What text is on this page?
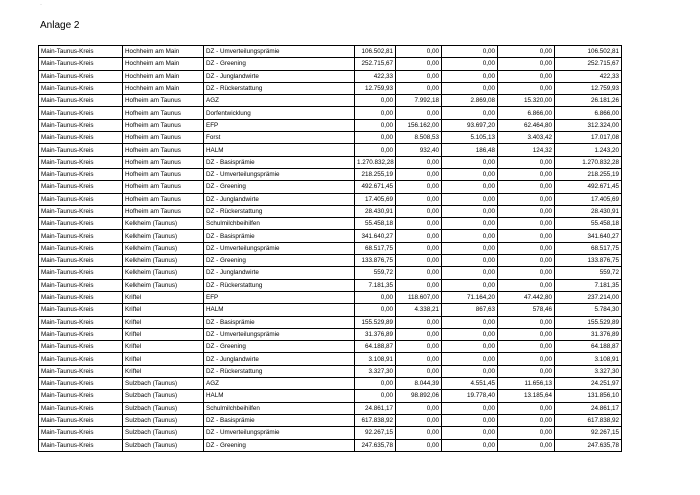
·
Anlage 2
Main-Taunus-Kreis	Hochheim am Main	DZ - Umverteilungsprämie	106.502,81	0,00	0,00	0,00	106.502,81
Main-Taunus-Kreis	Hochheim am Main	DZ - Greening	252.715,67	0,00	0,00	0,00	252.715,67
Main-Taunus-Kreis	Hochheim am Main	DZ - Junglandwirte	422,33	0,00	0,00	0,00	422,33
Main-Taunus-Kreis	Hochheim am Main	DZ - Rückerstattung	12.759,93	0,00	0,00	0,00	12.759,93
Main-Taunus-Kreis	Hofheim am Taunus	AGZ	0,00	7.992,18	2.869,08	15.320,00	26.181,26
Main-Taunus-Kreis	Hofheim am Taunus	Dorfentwicklung	0,00	0,00	0,00	6.866,00	6.866,00
Main-Taunus-Kreis	Hofheim am Taunus	EFP	0,00	156.162,00	93.697,20	62.464,80	312.324,00
Main-Taunus-Kreis	Hofheim am Taunus	Forst	0,00	8.508,53	5.105,13	3.403,42	17.017,08
Main-Taunus-Kreis	Hofheim am Taunus	HALM	0,00	932,40	186,48	124,32	1.243,20
Main-Taunus-Kreis	Hofheim am Taunus	DZ - Basisprämie	1.270.832,28	0,00	0,00	0,00	1.270.832,28
Main-Taunus-Kreis	Hofheim am Taunus	DZ - Umverteilungsprämie	218.255,19	0,00	0,00	0,00	218.255,19
Main-Taunus-Kreis	Hofheim am Taunus	DZ - Greening	492.671,45	0,00	0,00	0,00	492.671,45
Main-Taunus-Kreis	Hofheim am Taunus	DZ - Junglandwirte	17.405,69	0,00	0,00	0,00	17.405,69
Main-Taunus-Kreis	Hofheim am Taunus	DZ - Rückerstattung	28.430,91	0,00	0,00	0,00	28.430,91
Main-Taunus-Kreis	Kelkheim (Taunus)	Schulmilchbeihilfen	55.458,18	0,00	0,00	0,00	55.458,18
Main-Taunus-Kreis	Kelkheim (Taunus)	DZ - Basisprämie	341.640,27	0,00	0,00	0,00	341.640,27
Main-Taunus-Kreis	Kelkheim (Taunus)	DZ - Umverteilungsprämie	68.517,75	0,00	0,00	0,00	68.517,75
Main-Taunus-Kreis	Kelkheim (Taunus)	DZ - Greening	133.876,75	0,00	0,00	0,00	133.876,75
Main-Taunus-Kreis	Kelkheim (Taunus)	DZ - Junglandwirte	559,72	0,00	0,00	0,00	559,72
Main-Taunus-Kreis	Kelkheim (Taunus)	DZ - Rückerstattung	7.181,35	0,00	0,00	0,00	7.181,35
Main-Taunus-Kreis	Kriftel	EFP	0,00	118.607,00	71.164,20	47.442,80	237.214,00
Main-Taunus-Kreis	Kriftel	HALM	0,00	4.338,21	867,63	578,46	5.784,30
Main-Taunus-Kreis	Kriftel	DZ - Basisprämie	155.529,89	0,00	0,00	0,00	155.529,89
Main-Taunus-Kreis	Kriftel	DZ - Umverteilungsprämie	31.376,89	0,00	0,00	0,00	31.376,89
Main-Taunus-Kreis	Kriftel	DZ - Greening	64.188,87	0,00	0,00	0,00	64.188,87
Main-Taunus-Kreis	Kriftel	DZ - Junglandwirte	3.108,91	0,00	0,00	0,00	3.108,91
Main-Taunus-Kreis	Kriftel	DZ - Rückerstattung	3.327,30	0,00	0,00	0,00	3.327,30
Main-Taunus-Kreis	Sulzbach (Taunus)	AGZ	0,00	8.044,39	4.551,45	11.656,13	24.251,97
Main-Taunus-Kreis	Sulzbach (Taunus)	HALM	0,00	98.892,06	19.778,40	13.185,64	131.856,10
Main-Taunus-Kreis	Sulzbach (Taunus)	Schulmilchbeihilfen	24.861,17	0,00	0,00	0,00	24.861,17
Main-Taunus-Kreis	Sulzbach (Taunus)	DZ - Basisprämie	617.838,92	0,00	0,00	0,00	617.838,92
Main-Taunus-Kreis	Sulzbach (Taunus)	DZ - Umverteilungsprämie	92.267,15	0,00	0,00	0,00	92.267,15
Main-Taunus-Kreis	Sulzbach (Taunus)	DZ - Greening	247.635,78	0,00	0,00	0,00	247.635,78
